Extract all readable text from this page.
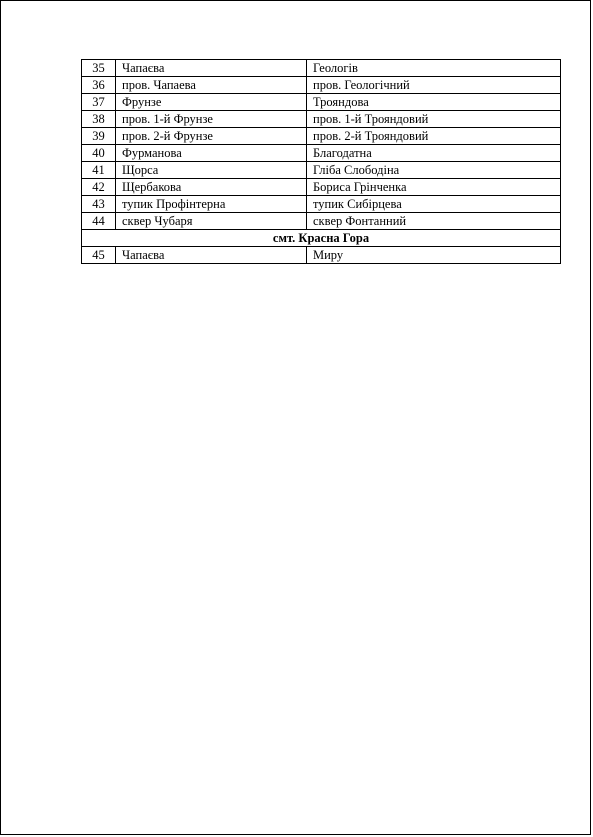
35	Чапаєва	Геологів
36	пров. Чапаева	пров. Геологічний
37	Фрунзе	Трояндова
38	пров. 1-й Фрунзе	пров. 1-й Трояндовий
39	пров. 2-й Фрунзе	пров. 2-й Трояндовий
40	Фурманова	Благодатна
41	Щорса	Гліба Слободіна
42	Щербакова	Бориса Грінченка
43	тупик Профінтерна	тупик Сибірцева
44	сквер Чубаря	сквер Фонтанний
смт. Красна Гора		
45	Чапаєва	Миру
